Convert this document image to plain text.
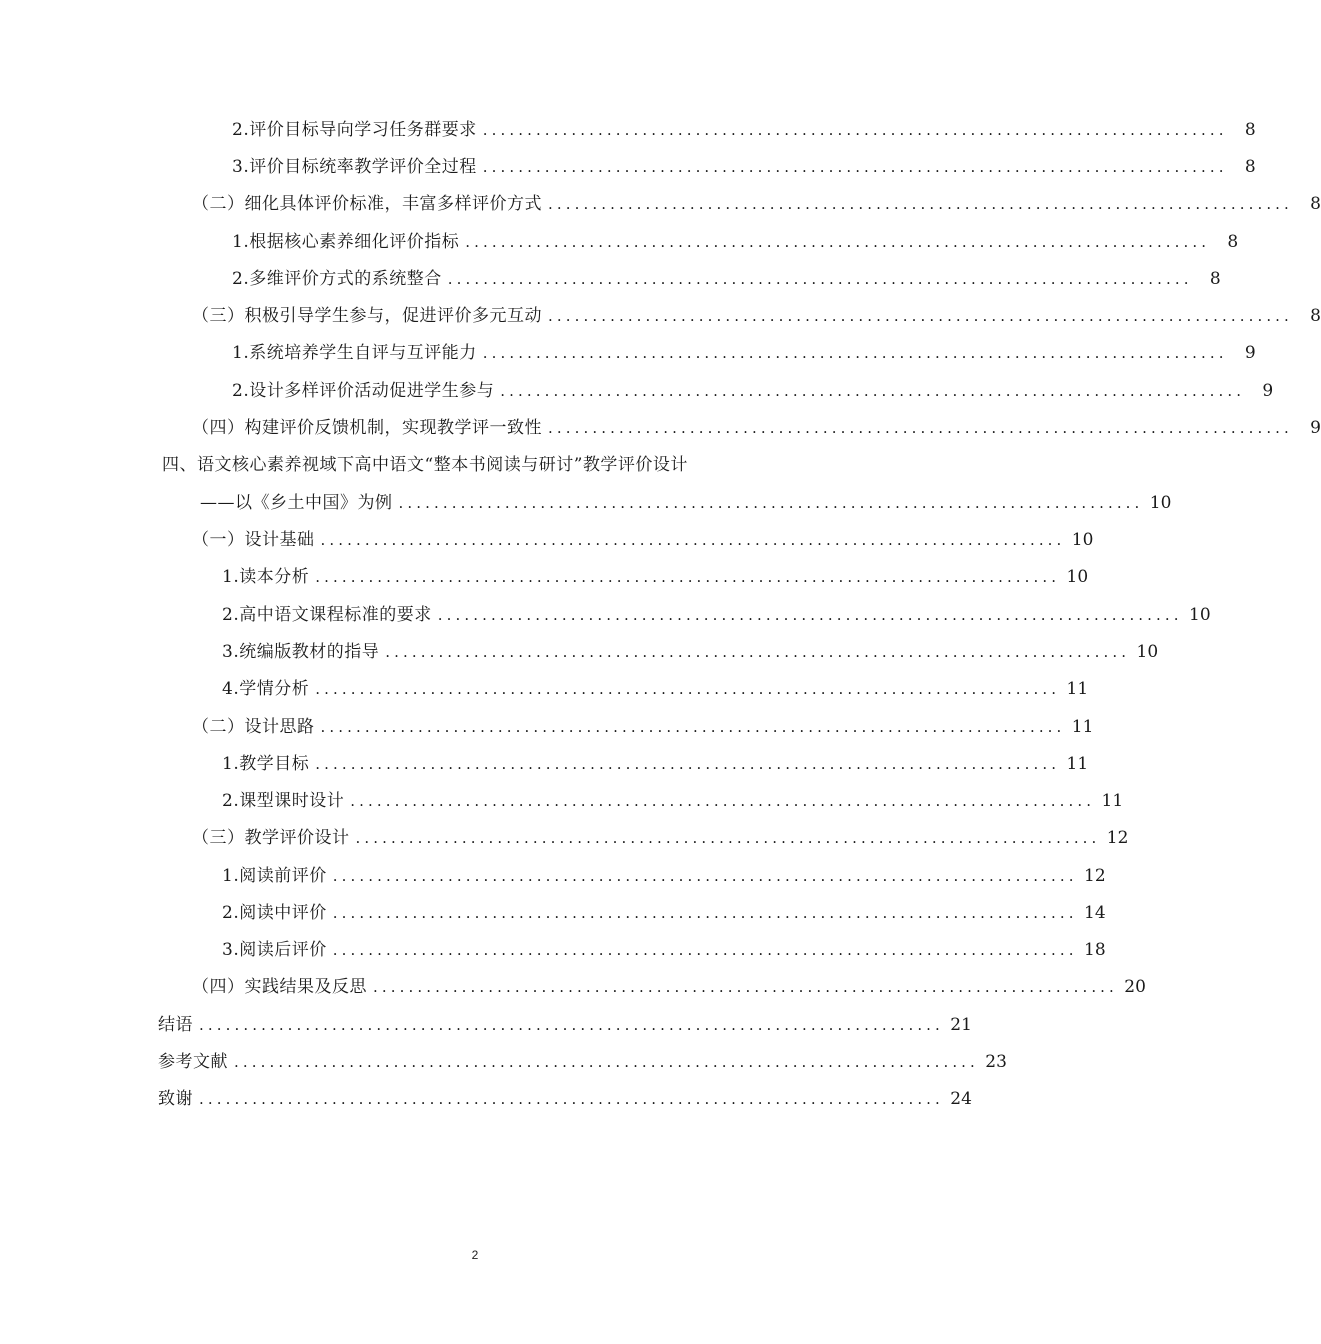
2.评价目标导向学习任务群要求 ....................................................................................	8
3.评价目标统率教学评价全过程 ....................................................................................	8
（二）细化具体评价标准，丰富多样评价方式 ....................................................................................	8
1.根据核心素养细化评价指标 ....................................................................................	8
2.多维评价方式的系统整合 ....................................................................................	8
（三）积极引导学生参与，促进评价多元互动 ....................................................................................	8
1.系统培养学生自评与互评能力 ....................................................................................	9
2.设计多样评价活动促进学生参与 ....................................................................................	9
（四）构建评价反馈机制，实现教学评一致性 ....................................................................................	9
四、语文核心素养视域下高中语文“整本书阅读与研讨”教学评价设计
——以《乡土中国》为例 .................................................................................... 10
（一）设计基础 .................................................................................... 10
1.读本分析 .................................................................................... 10
2.高中语文课程标准的要求 .................................................................................... 10
3.统编版教材的指导 .................................................................................... 10
4.学情分析 .................................................................................... 11
（二）设计思路 .................................................................................... 11
1.教学目标 .................................................................................... 11
2.课型课时设计 .................................................................................... 11
（三）教学评价设计 .................................................................................... 12
1.阅读前评价 .................................................................................... 12
2.阅读中评价 .................................................................................... 14
3.阅读后评价 .................................................................................... 18
（四）实践结果及反思 .................................................................................... 20
结语 .................................................................................... 21
参考文献 .................................................................................... 23
致谢 .................................................................................... 24
2
